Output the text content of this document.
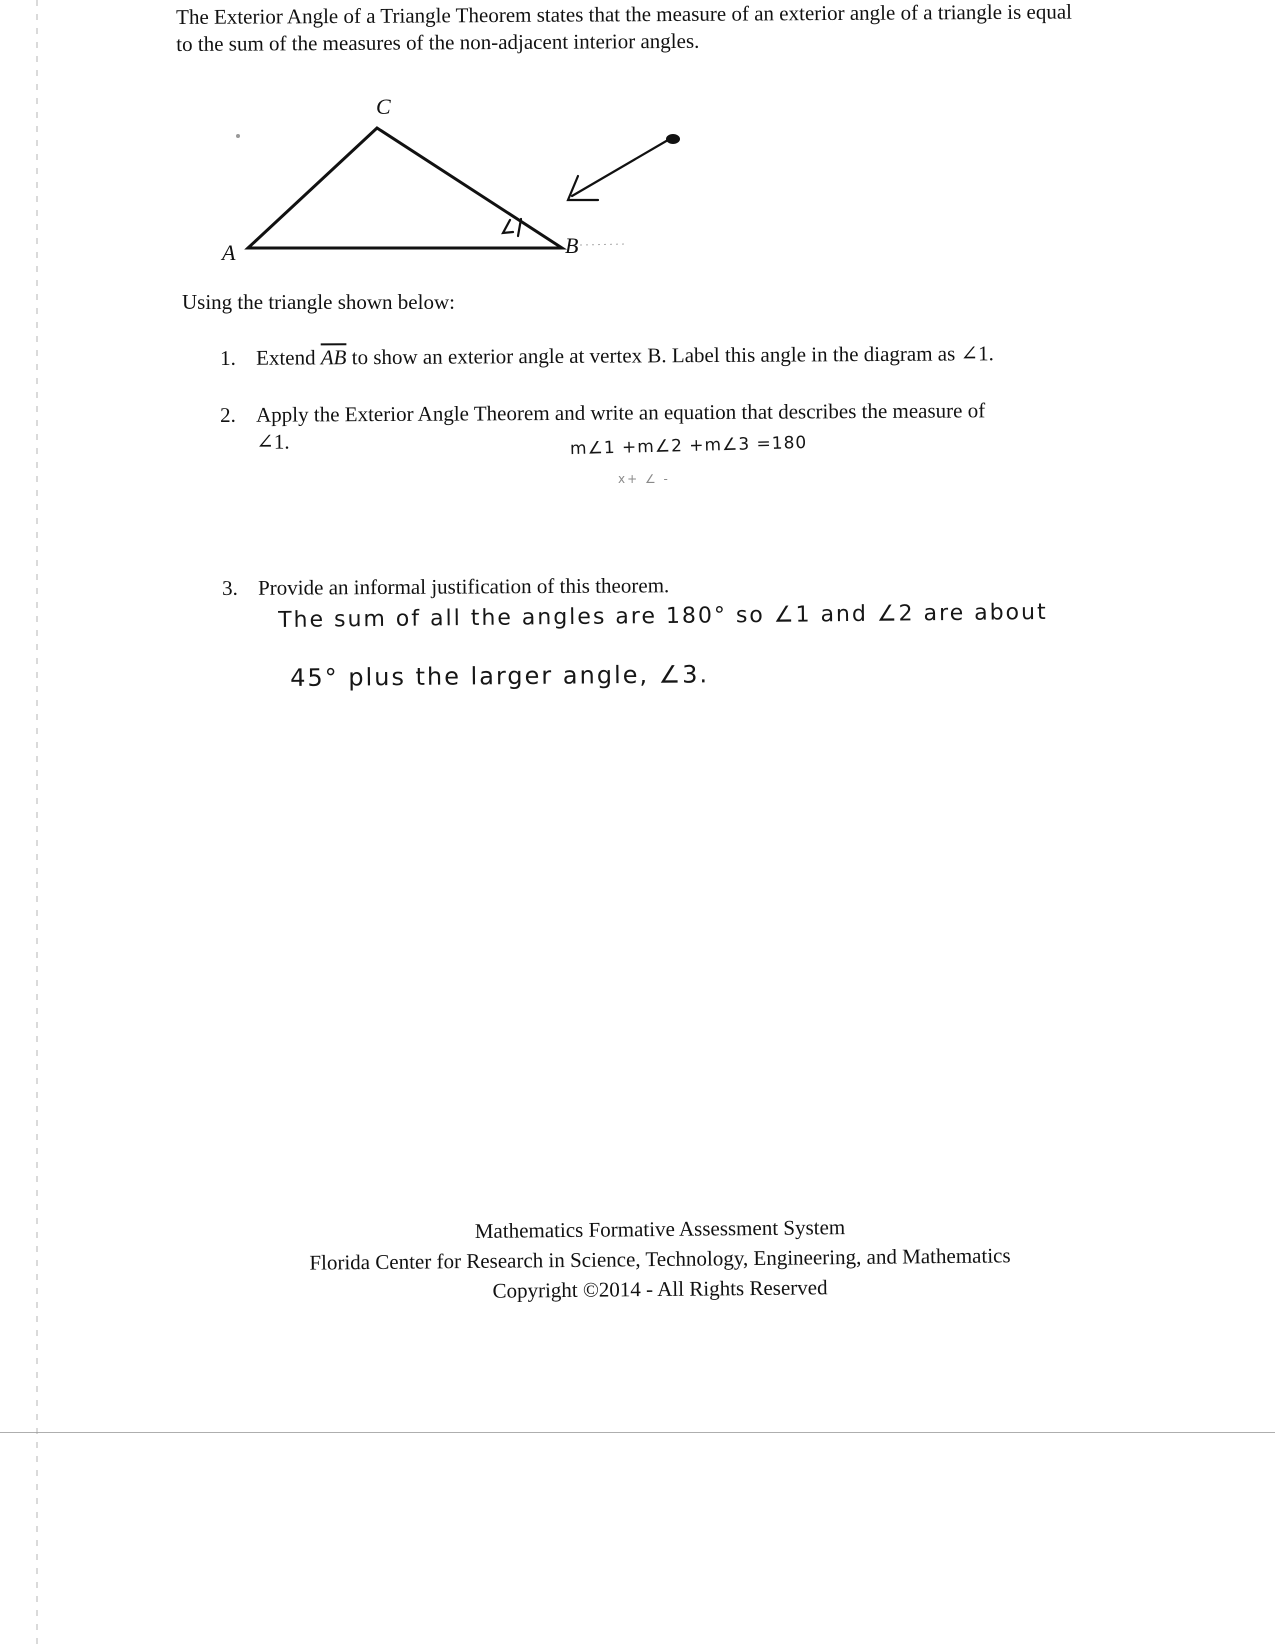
The Exterior Angle of a Triangle Theorem states that the measure of an exterior angle of a triangle is equal to the sum of the measures of the non-adjacent interior angles.
C
A	B
Using the triangle shown below:
1. Extend $\overline{AB}$ to show an exterior angle at vertex B. Label this angle in the diagram as ∠1.
2. Apply the Exterior Angle Theorem and write an equation that describes the measure of
∠1.	m∠1 +m∠2 +m∠3 =180
x+ ∠ -
3. Provide an informal justification of this theorem.
The sum of all the angles are 180° so ∠1 and ∠2 are about
45° plus the larger angle, ∠3.
Mathematics Formative Assessment System
Florida Center for Research in Science, Technology, Engineering, and Mathematics
Copyright ©2014 - All Rights Reserved
